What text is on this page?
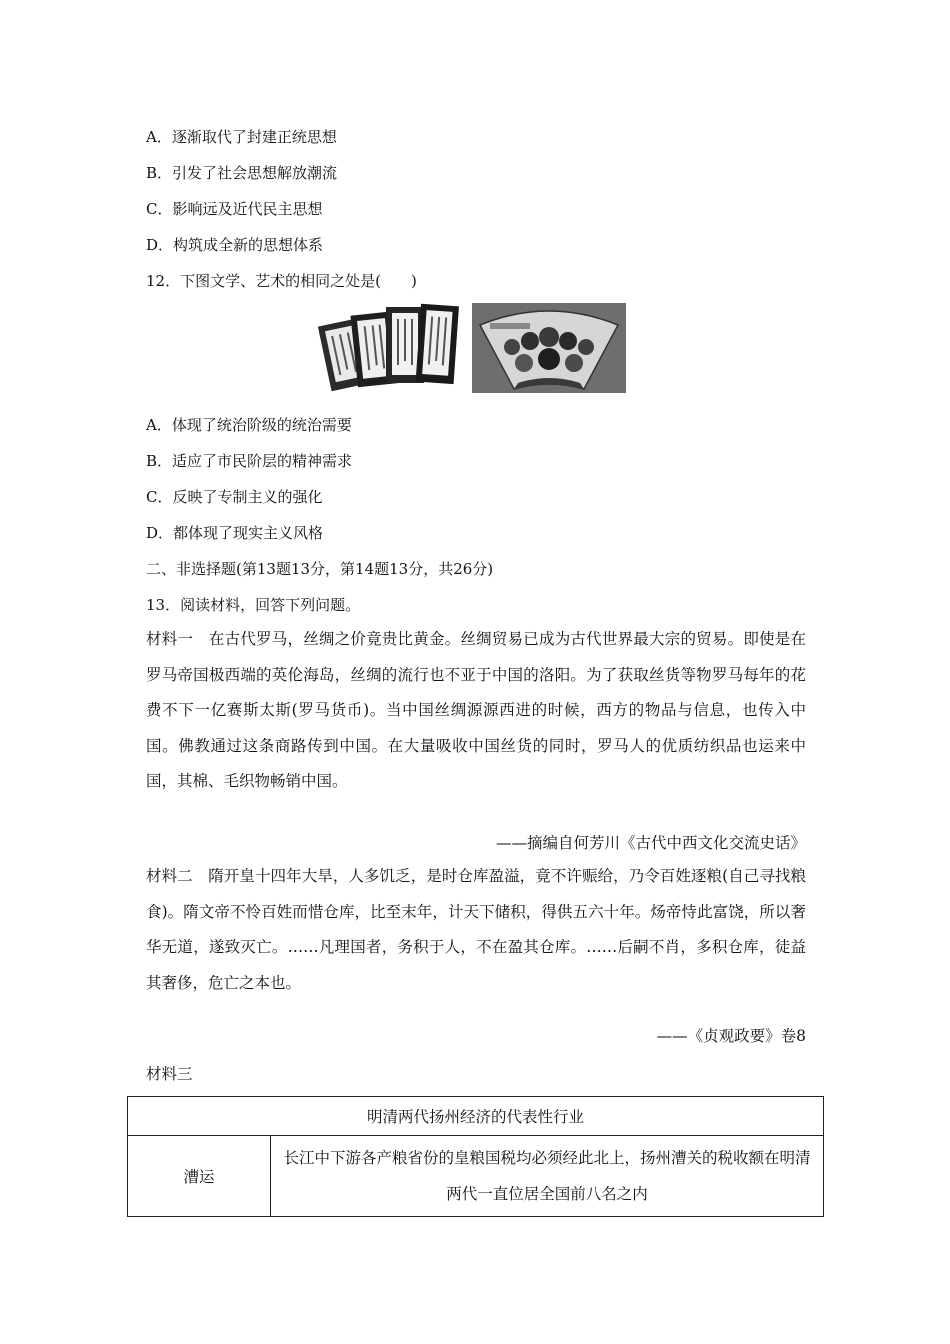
A．逐渐取代了封建正统思想
B．引发了社会思想解放潮流
C．影响远及近代民主思想
D．构筑成全新的思想体系
12．下图文学、艺术的相同之处是(　　)
A．体现了统治阶级的统治需要
B．适应了市民阶层的精神需求
C．反映了专制主义的强化
D．都体现了现实主义风格
二、非选择题(第13题13分，第14题13分，共26分)
13．阅读材料，回答下列问题。
材料一　在古代罗马，丝绸之价竟贵比黄金。丝绸贸易已成为古代世界最大宗的贸易。即使是在罗马帝国极西端的英伦海岛，丝绸的流行也不亚于中国的洛阳。为了获取丝货等物罗马每年的花费不下一亿赛斯太斯(罗马货币)。当中国丝绸源源西进的时候，西方的物品与信息，也传入中国。佛教通过这条商路传到中国。在大量吸收中国丝货的同时，罗马人的优质纺织品也运来中国，其棉、毛织物畅销中国。
——摘编自何芳川《古代中西文化交流史话》
材料二　隋开皇十四年大旱，人多饥乏，是时仓库盈溢，竟不许赈给，乃令百姓逐粮(自己寻找粮食)。隋文帝不怜百姓而惜仓库，比至末年，计天下储积，得供五六十年。炀帝恃此富饶，所以奢华无道，遂致灭亡。……凡理国者，务积于人，不在盈其仓库。……后嗣不肖，多积仓库，徒益其奢侈，危亡之本也。
——《贞观政要》卷8
材料三
明清两代扬州经济的代表性行业
漕运	长江中下游各产粮省份的皇粮国税均必须经此北上，扬州漕关的税收额在明清两代一直位居全国前八名之内
